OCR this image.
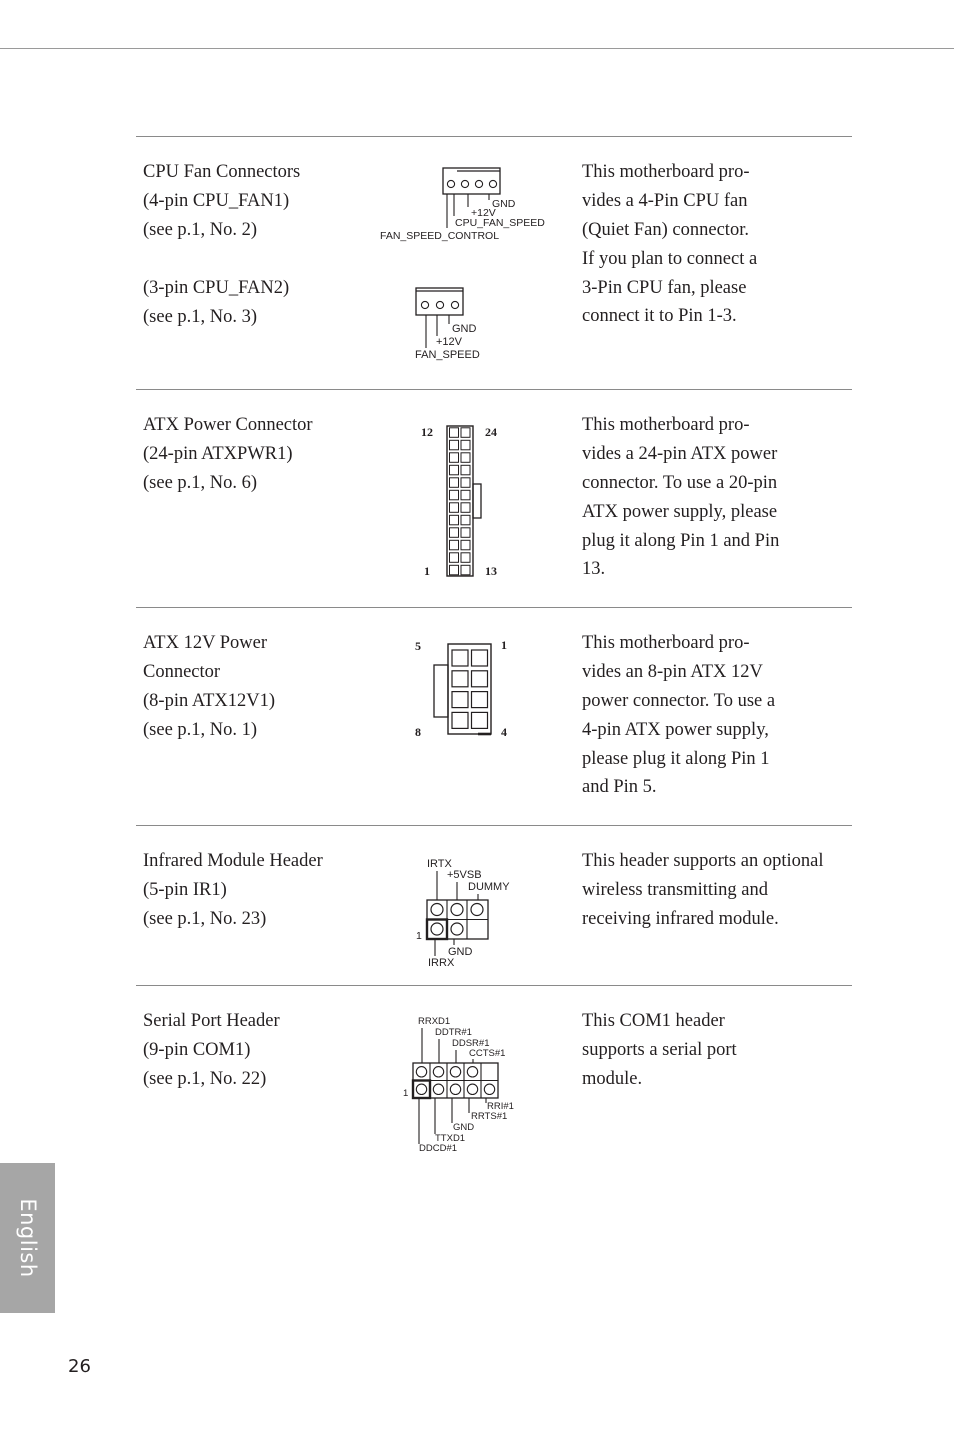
CPU Fan Connectors
(4-pin CPU_FAN1)
(see p.1, No. 2)
(3-pin CPU_FAN2)
(see p.1, No. 3)
This motherboard pro-
vides a 4-Pin CPU fan
(Quiet Fan) connector.
If you plan to connect a
3-Pin CPU fan, please
connect it to Pin 1-3.
GND
+12V
CPU_FAN_SPEED
FAN_SPEED_CONTROL
GND
+12V
FAN_SPEED
ATX Power Connector
(24-pin ATXPWR1)
(see p.1, No. 6)
This motherboard pro-
vides a 24-pin ATX power
connector. To use a 20-pin
ATX power supply, please
plug it along Pin 1 and Pin
13.
12	24
1	13
ATX 12V Power
Connector
(8-pin ATX12V1)
(see p.1, No. 1)
This motherboard pro-
vides an 8-pin ATX 12V
power connector. To use a
4-pin ATX power supply,
please plug it along Pin 1
and Pin 5.
5	1
8	4
Infrared Module Header
(5-pin IR1)
(see p.1, No. 23)
This header supports an optional
wireless transmitting and
receiving infrared module.
IRTX
+5VSB
DUMMY
1
GND
IRRX
Serial Port Header
(9-pin COM1)
(see p.1, No. 22)
This COM1 header
supports a serial port
module.
RRXD1
DDTR#1
DDSR#1
CCTS#1
1
RRI#1
RRTS#1
GND
TTXD1
DDCD#1
English
26
